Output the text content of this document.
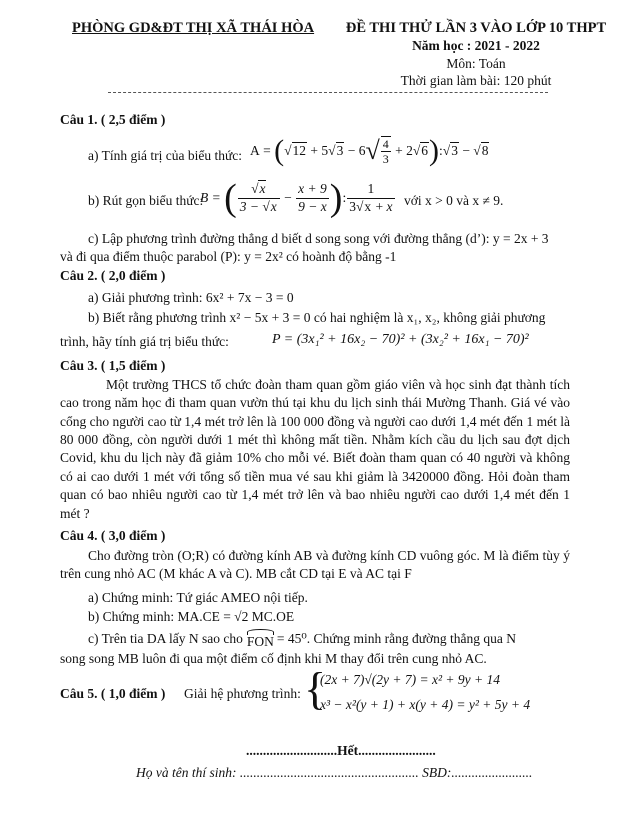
PHÒNG GD&ĐT THỊ XÃ THÁI HÒA	ĐỀ THI THỬ LẦN 3 VÀO LỚP 10 THPT
Năm học : 2021 - 2022
Môn: Toán
Thời gian làm bài: 120 phút
Câu 1. ( 2,5 điểm )
a) Tính giá trị của biểu thức: A = ( √12 + 5√3 − 6 √ $\frac{4}{3} + 2√6$ ) :√3 − √8
b) Rút gọn biểu thức:
B = ( $\frac{√x}{3 - √x} - \frac{x + 9}{9 - x}$ ) : $\frac{1}{3√x + x}$ với x > 0 và x ≠ 9.
c) Lập phương trình đường thẳng d biết d song song với đường thẳng (d’): y = 2x + 3
và đi qua điểm thuộc parabol (P): y = 2x² có hoành độ bằng -1
Câu 2. ( 2,0 điểm )
a) Giải phương trình: 6x² + 7x − 3 = 0
b) Biết rằng phương trình x² − 5x + 3 = 0 có hai nghiệm là x₁, x₂, không giải phương
trình, hãy tính giá trị biểu thức:	P = (3x₁² + 16x₂ − 70)² + (3x₂² + 16x₁ − 70)²
Câu 3. ( 1,5 điểm )
Một trường THCS tổ chức đoàn tham quan gồm giáo viên và học sinh đạt thành tích cao trong năm học đi tham quan vườn thú tại khu du lịch sinh thái Mường Thanh. Giá vé vào cổng cho người cao từ 1,4 mét trở lên là 100 000 đồng và người cao dưới 1,4 mét đến 1 mét là 80 000 đồng, còn người dưới 1 mét thì không mất tiền. Nhằm kích cầu du lịch sau đợt dịch Covid, khu du lịch này đã giảm 10% cho mỗi vé. Biết đoàn tham quan có 40 người và không có ai cao dưới 1 mét với tổng số tiền mua vé sau khi giảm là 3420000 đồng. Hỏi đoàn tham quan có bao nhiêu người cao từ 1,4 mét trở lên và bao nhiêu người cao dưới 1,4 mét đến 1 mét ?
Câu 4. ( 3,0 điểm )
Cho đường tròn (O;R) có đường kính AB và đường kính CD vuông góc. M là điểm tùy ý trên cung nhỏ AC (M khác A và C). MB cắt CD tại E và AC tại F
a) Chứng minh: Tứ giác AMEO nội tiếp.
b) Chứng minh: MA.CE = √2 MC.OE
c) Trên tia DA lấy N sao cho FON = 45⁰. Chứng minh rằng đường thẳng qua N
song song MB luôn đi qua một điểm cố định khi M thay đổi trên cung nhỏ AC.
Câu 5. ( 1,0 điểm ) Giải hệ phương trình: {
(2x + 7)√(2y + 7) = x² + 9y + 14
x³ − x²(y + 1) + x(y + 4) = y² + 5y + 4
...........................Hết.......................
Họ và tên thí sinh: ..................................................... SBD:........................
